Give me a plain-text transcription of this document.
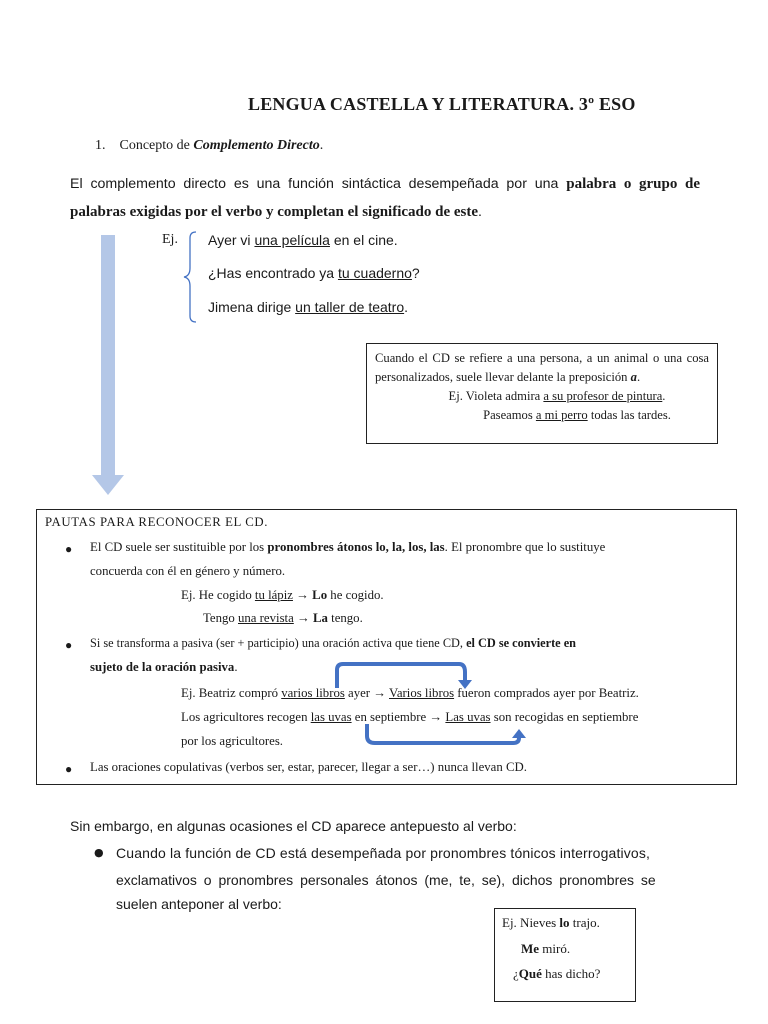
LENGUA CASTELLA Y LITERATURA. 3º ESO
1. Concepto de Complemento Directo.
El complemento directo es una función sintáctica desempeñada por una palabra o grupo de palabras exigidas por el verbo y completan el significado de este.
Ej. Ayer vi una película en el cine.
¿Has encontrado ya tu cuaderno?
Jimena dirige un taller de teatro.
Cuando el CD se refiere a una persona, a un animal o una cosa personalizados, suele llevar delante la preposición a.
Ej. Violeta admira a su profesor de pintura.
Paseamos a mi perro todas las tardes.
PAUTAS PARA RECONOCER EL CD.
● El CD suele ser sustituible por los pronombres átonos lo, la, los, las. El pronombre que lo sustituye
concuerda con él en género y número.
Ej. He cogido tu lápiz → Lo he cogido.
Tengo una revista → La tengo.
● Si se transforma a pasiva (ser + participio) una oración activa que tiene CD, el CD se convierte en
sujeto de la oración pasiva.
Ej. Beatriz compró varios libros ayer → Varios libros fueron comprados ayer por Beatriz.
Los agricultores recogen las uvas en septiembre → Las uvas son recogidas en septiembre
por los agricultores.
● Las oraciones copulativas (verbos ser, estar, parecer, llegar a ser…) nunca llevan CD.
Sin embargo, en algunas ocasiones el CD aparece antepuesto al verbo:
● Cuando la función de CD está desempeñada por pronombres tónicos interrogativos,
exclamativos o pronombres personales átonos (me, te, se), dichos pronombres se
suelen anteponer al verbo:
Ej. Nieves lo trajo.
Me miró.
¿Qué has dicho?
